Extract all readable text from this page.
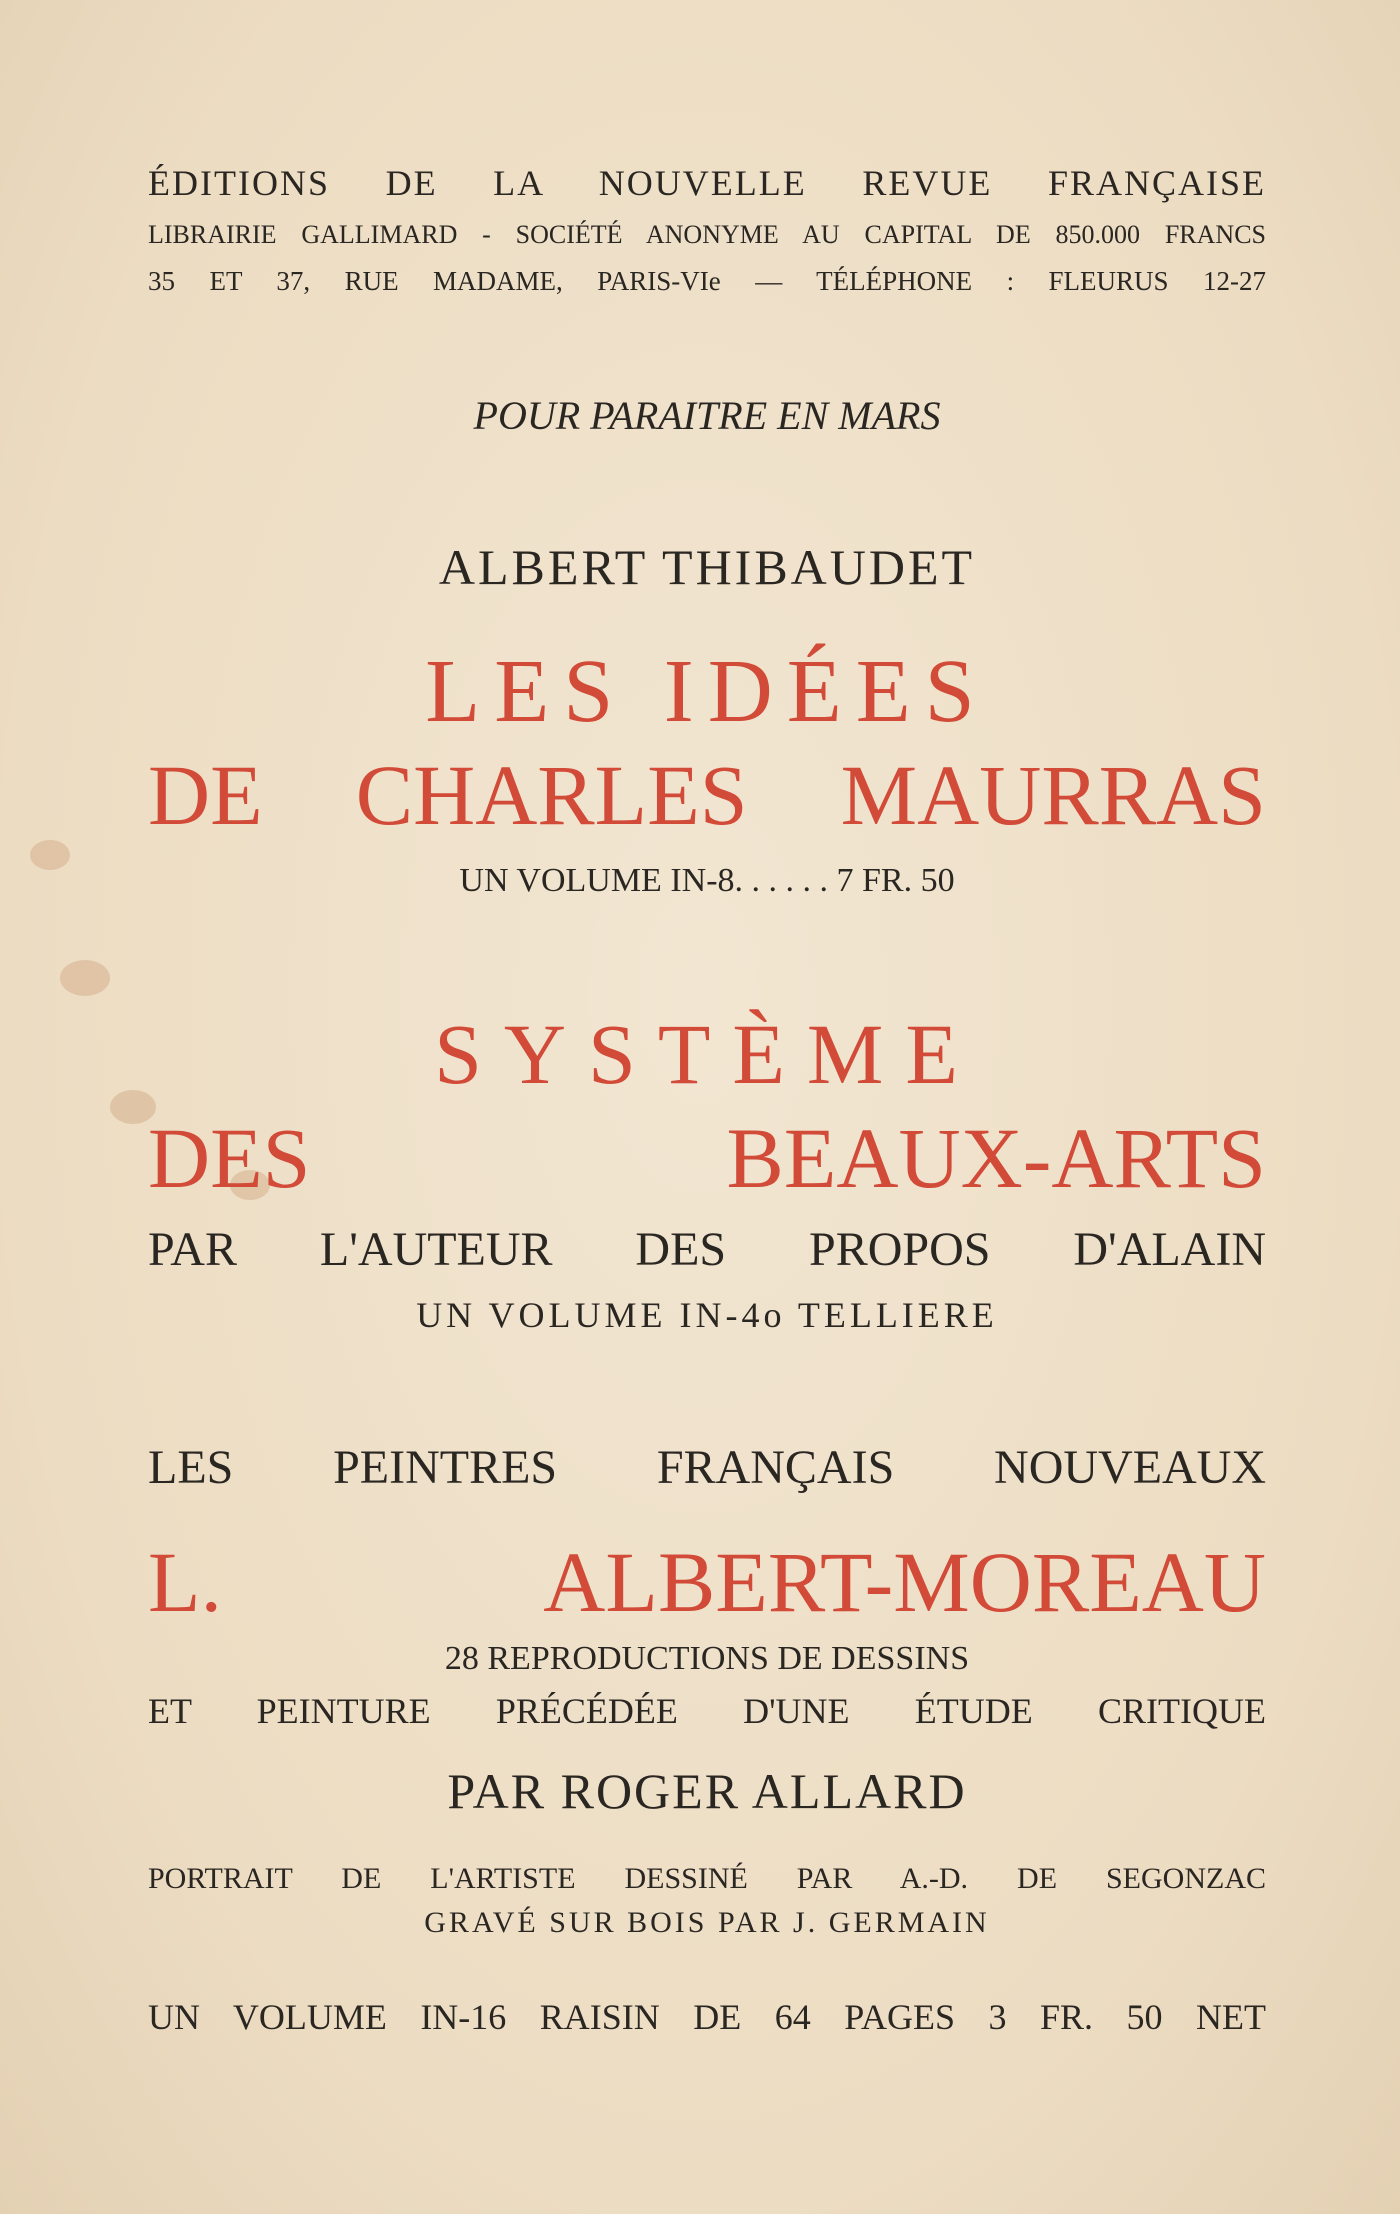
ÉDITIONS DE LA NOUVELLE REVUE FRANÇAISE
LIBRAIRIE GALLIMARD - SOCIÉTÉ ANONYME AU CAPITAL DE 850.000 FRANCS
35 ET 37, RUE MADAME, PARIS-VIe — TÉLÉPHONE : FLEURUS 12-27
POUR PARAITRE EN MARS
ALBERT THIBAUDET
LES IDÉES
DE CHARLES MAURRAS
UN VOLUME IN-8. . . . . . 7 FR. 50
SYSTÈME
DES BEAUX-ARTS
PAR L'AUTEUR DES PROPOS D'ALAIN
UN VOLUME IN-4o TELLIERE
LES PEINTRES FRANÇAIS NOUVEAUX
L. ALBERT-MOREAU
28 REPRODUCTIONS DE DESSINS
ET PEINTURE PRÉCÉDÉE D'UNE ÉTUDE CRITIQUE
PAR ROGER ALLARD
PORTRAIT DE L'ARTISTE DESSINÉ PAR A.-D. DE SEGONZAC
GRAVÉ SUR BOIS PAR J. GERMAIN
UN VOLUME IN-16 RAISIN DE 64 PAGES 3 FR. 50 NET
